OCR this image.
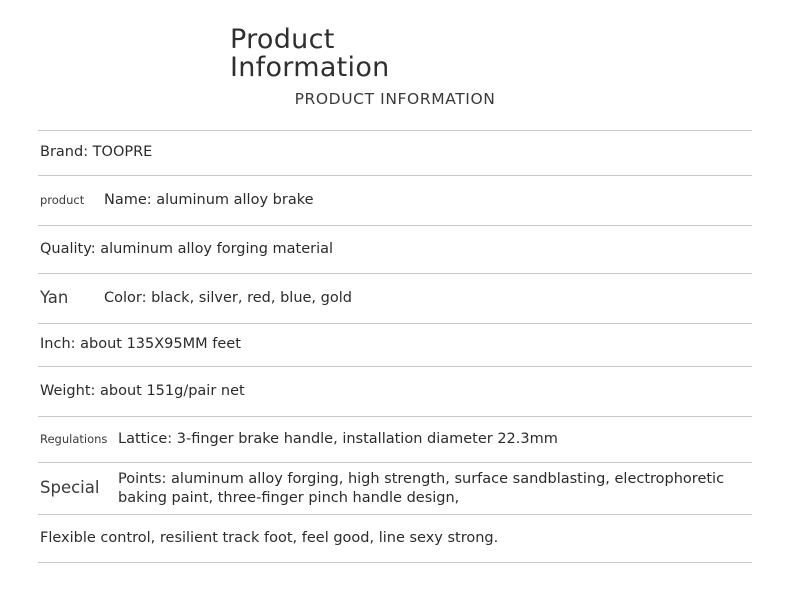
Product
Information
PRODUCT INFORMATION
Brand: TOOPRE
product	Name: aluminum alloy brake
Quality: aluminum alloy forging material
Yan	Color: black, silver, red, blue, gold
Inch: about 135X95MM feet
Weight: about 151g/pair net
Regulations Lattice: 3-finger brake handle, installation diameter 22.3mm
Special	Points: aluminum alloy forging, high strength, surface sandblasting, electrophoretic baking paint, three-finger pinch handle design,
Flexible control, resilient track foot, feel good, line sexy strong.
